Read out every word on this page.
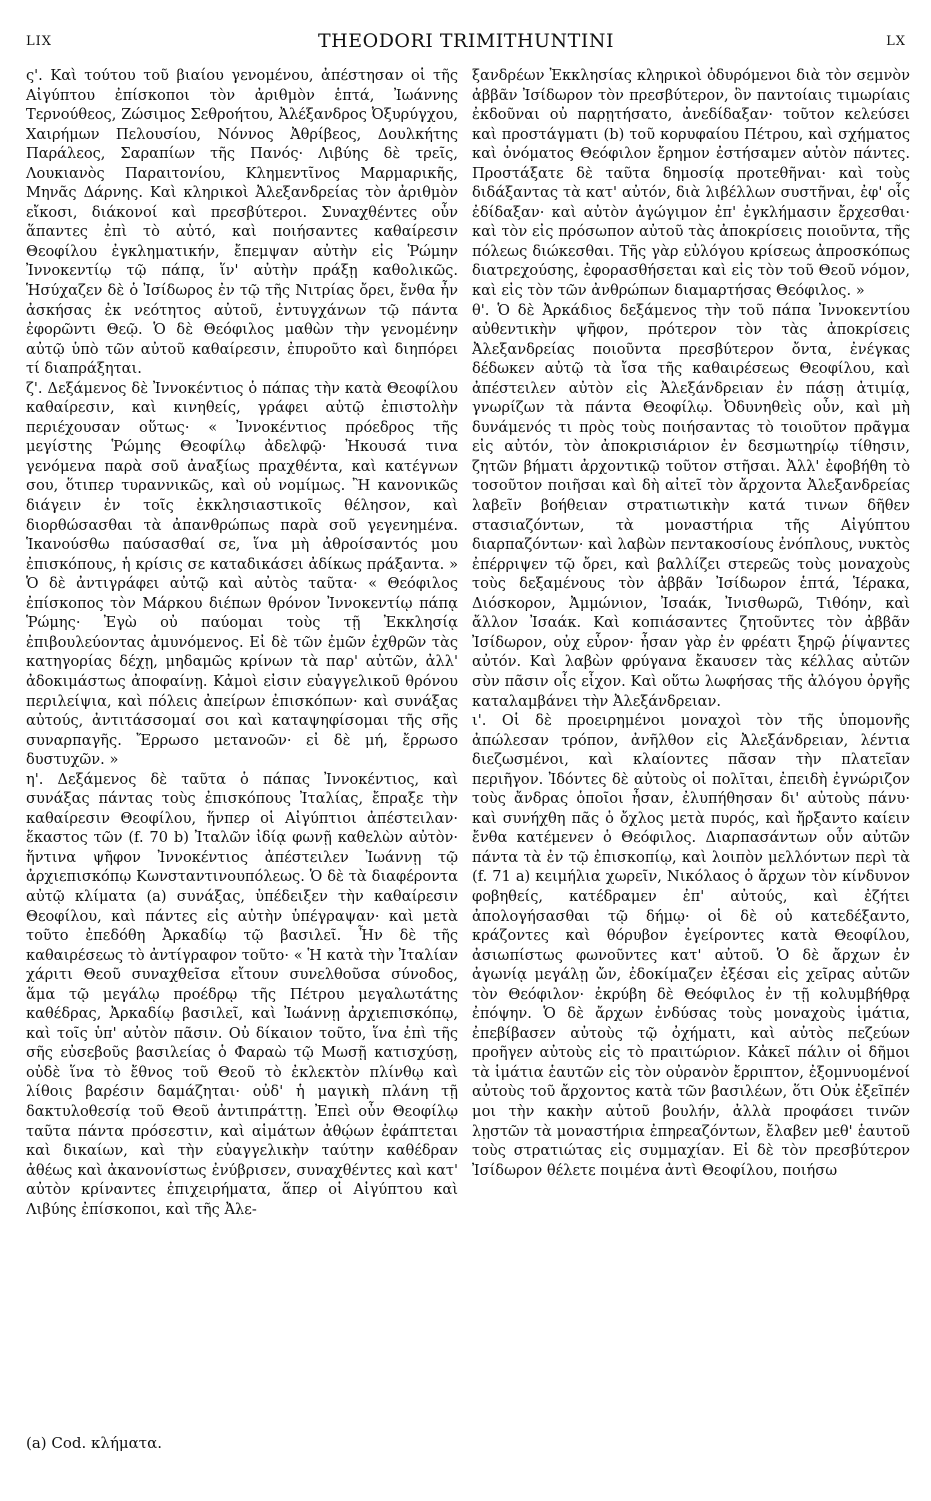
LIX	THEODORI TRIMITHUNTINI	LX

ς'. Καὶ τούτου τοῦ βιαίου γενομένου, ἀπέστησαν οἱ τῆς Αἰγύπτου ἐπίσκοποι τὸν ἀριθμὸν ἑπτά, Ἰωάννης Τερνούθεος, Ζώσιμος Σεθροήτου, Ἀλέξανδρος Ὀξυρύγχου, Χαιρήμων Πελουσίου, Νόννος Ἀθρίβεος, Δουλκήτης Παράλεος, Σαραπίων τῆς Πανός· Λιβύης δὲ τρεῖς, Λουκιανὸς Παραιτονίου, Κλημεντῖνος Μαρμαρικῆς, Μηνᾶς Δάρνης. Καὶ κληρικοὶ Ἀλεξανδρείας τὸν ἀριθμὸν εἴκοσι, διάκονοί καὶ πρεσβύτεροι. Συναχθέντες οὖν ἅπαντες ἐπὶ τὸ αὐτό, καὶ ποιήσαντες καθαίρεσιν Θεοφίλου ἐγκληματικήν, ἔπεμψαν αὐτὴν εἰς Ῥώμην Ἰννοκεντίῳ τῷ πάπᾳ, ἵν' αὐτὴν πράξῃ καθολικῶς. Ἡσύχαζεν δὲ ὁ Ἰσίδωρος ἐν τῷ τῆς Νιτρίας ὄρει, ἔνθα ἦν ἀσκήσας ἐκ νεότητος αὐτοῦ, ἐντυγχάνων τῷ πάντα ἐφορῶντι Θεῷ. Ὁ δὲ Θεόφιλος μαθὼν τὴν γενομένην αὐτῷ ὑπὸ τῶν αὐτοῦ καθαίρεσιν, ἐπυροῦτο καὶ διηπόρει τί διαπράξηται.

ζ'. Δεξάμενος δὲ Ἰννοκέντιος ὁ πάπας τὴν κατὰ Θεοφίλου καθαίρεσιν, καὶ κινηθείς, γράφει αὐτῷ ἐπιστολὴν περιέχουσαν οὕτως· « Ἰννοκέντιος πρόεδρος τῆς μεγίστης Ῥώμης Θεοφίλῳ ἀδελφῷ· Ἠκουσά τινα γενόμενα παρὰ σοῦ ἀναξίως πραχθέντα, καὶ κατέγνων σου, ὅτιπερ τυραννικῶς, καὶ οὐ νομίμως. Ἢ κανονικῶς διάγειν ἐν τοῖς ἐκκλησιαστικοῖς θέλησον, καὶ διορθώσασθαι τὰ ἀπανθρώπως παρὰ σοῦ γεγενημένα. Ἱκανούσθω παύσασθαί σε, ἵνα μὴ ἀθροίσαντός μου ἐπισκόπους, ἡ κρίσις σε καταδικάσει ἀδίκως πράξαντα. » Ὁ δὲ ἀντιγράφει αὐτῷ καὶ αὐτὸς ταῦτα· « Θεόφιλος ἐπίσκοπος τὸν Μάρκου διέπων θρόνον Ἰννοκεντίῳ πάπᾳ Ῥώμης· Ἐγὼ οὐ παύομαι τοὺς τῇ Ἐκκλησίᾳ ἐπιβουλεύοντας ἀμυνόμενος. Εἰ δὲ τῶν ἐμῶν ἐχθρῶν τὰς κατηγορίας δέχῃ, μηδαμῶς κρίνων τὰ παρ' αὐτῶν, ἀλλ' ἀδοκιμάστως ἀποφαίνῃ. Κἀμοὶ εἰσιν εὐαγγελικοῦ θρόνου περιλείψια, καὶ πόλεις ἀπείρων ἐπισκόπων· καὶ συνάξας αὐτούς, ἀντιτάσσομαί σοι καὶ καταψηφίσομαι τῆς σῆς συναρπαγῆς. Ἔρρωσο μετανοῶν· εἰ δὲ μή, ἔρρωσο δυστυχῶν. »

η'. Δεξάμενος δὲ ταῦτα ὁ πάπας Ἰννοκέντιος, καὶ συνάξας πάντας τοὺς ἐπισκόπους Ἰταλίας, ἔπραξε τὴν καθαίρεσιν Θεοφίλου, ἥνπερ οἱ Αἰγύπτιοι ἀπέστειλαν· ἕκαστος τῶν (f. 70 b) Ἰταλῶν ἰδίᾳ φωνῇ καθελὼν αὐτὸν· ἥντινα ψῆφον Ἰννοκέντιος ἀπέστειλεν Ἰωάννῃ τῷ ἀρχιεπισκόπῳ Κωνσταντινουπόλεως. Ὁ δὲ τὰ διαφέροντα αὐτῷ κλίματα (a) συνάξας, ὑπέδειξεν τὴν καθαίρεσιν Θεοφίλου, καὶ πάντες εἰς αὐτὴν ὑπέγραψαν· καὶ μετὰ τοῦτο ἐπεδόθη Ἀρκαδίῳ τῷ βασιλεῖ. Ἦν δὲ τῆς καθαιρέσεως τὸ ἀντίγραφον τοῦτο· « Ἡ κατὰ τὴν Ἰταλίαν χάριτι Θεοῦ συναχθεῖσα εἴτουν συνελθοῦσα σύνοδος, ἅμα τῷ μεγάλῳ προέδρῳ τῆς Πέτρου μεγαλωτάτης καθέδρας, Ἀρκαδίῳ βασιλεῖ, καὶ Ἰωάννῃ ἀρχιεπισκόπῳ, καὶ τοῖς ὑπ' αὐτὸν πᾶσιν. Οὐ δίκαιον τοῦτο, ἵνα ἐπὶ τῆς σῆς εὐσεβοῦς βασιλείας ὁ Φαραὼ τῷ Μωσῇ κατισχύσῃ, οὐδὲ ἵνα τὸ ἔθνος τοῦ Θεοῦ τὸ ἐκλεκτὸν πλίνθῳ καὶ λίθοις βαρέσιν δαμάζηται· οὐδ' ἡ μαγικὴ πλάνη τῇ δακτυλοθεσίᾳ τοῦ Θεοῦ ἀντιπράττῃ. Ἐπεὶ οὖν Θεοφίλῳ ταῦτα πάντα πρόσεστιν, καὶ αἱμάτων ἀθῴων ἐφάπτεται καὶ δικαίων, καὶ τὴν εὐαγγελικὴν ταύτην καθέδραν ἀθέως καὶ ἀκανονίστως ἐνύβρισεν, συναχθέντες καὶ κατ' αὐτὸν κρίναντες ἐπιχειρήματα, ἅπερ οἱ Αἰγύπτου καὶ Λιβύης ἐπίσκοποι, καὶ τῆς Ἀλε-

ξανδρέων Ἐκκλησίας κληρικοὶ ὀδυρόμενοι διὰ τὸν σεμνὸν ἀββᾶν Ἰσίδωρον τὸν πρεσβύτερον, ὃν παντοίαις τιμωρίαις ἐκδοῦναι οὐ παρῃτήσατο, ἀνεδίδαξαν· τοῦτον κελεύσει καὶ προστάγματι (b) τοῦ κορυφαίου Πέτρου, καὶ σχήματος καὶ ὀνόματος Θεόφιλον ἔρημον ἐστήσαμεν αὐτὸν πάντες. Προστάξατε δὲ ταῦτα δημοσίᾳ προτεθῆναι· καὶ τοὺς διδάξαντας τὰ κατ' αὐτόν, διὰ λιβέλλων συστῆναι, ἐφ' οἷς ἐδίδαξαν· καὶ αὐτὸν ἀγώγιμον ἐπ' ἐγκλήμασιν ἔρχεσθαι· καὶ τὸν εἰς πρόσωπον αὐτοῦ τὰς ἀποκρίσεις ποιοῦντα, τῆς πόλεως διώκεσθαι. Τῆς γὰρ εὐλόγου κρίσεως ἀπροσκόπως διατρεχούσης, ἐφορασθήσεται καὶ εἰς τὸν τοῦ Θεοῦ νόμον, καὶ εἰς τὸν τῶν ἀνθρώπων διαμαρτήσας Θεόφιλος. »

θ'. Ὁ δὲ Ἀρκάδιος δεξάμενος τὴν τοῦ πάπα Ἰννοκεντίου αὐθεντικὴν ψῆφον, πρότερον τὸν τὰς ἀποκρίσεις Ἀλεξανδρείας ποιοῦντα πρεσβύτερον ὄντα, ἐνέγκας δέδωκεν αὐτῷ τὰ ἴσα τῆς καθαιρέσεως Θεοφίλου, καὶ ἀπέστειλεν αὐτὸν εἰς Ἀλεξάνδρειαν ἐν πάσῃ ἀτιμίᾳ, γνωρίζων τὰ πάντα Θεοφίλῳ. Ὀδυνηθεὶς οὖν, καὶ μὴ δυνάμενός τι πρὸς τοὺς ποιήσαντας τὸ τοιοῦτον πρᾶγμα εἰς αὐτόν, τὸν ἀποκρισιάριον ἐν δεσμωτηρίῳ τίθησιν, ζητῶν βήματι ἀρχοντικῷ τοῦτον στῆσαι. Ἀλλ' ἐφοβήθη τὸ τοσοῦτον ποιῆσαι καὶ δὴ αἰτεῖ τὸν ἄρχοντα Ἀλεξανδρείας λαβεῖν βοήθειαν στρατιωτικὴν κατά τινων δῆθεν στασιαζόντων, τὰ μοναστήρια τῆς Αἰγύπτου διαρπαζόντων· καὶ λαβὼν πεντακοσίους ἐνόπλους, νυκτὸς ἐπέρριψεν τῷ ὄρει, καὶ βαλλίζει στερεῶς τοὺς μοναχοὺς τοὺς δεξαμένους τὸν ἀββᾶν Ἰσίδωρον ἑπτά, Ἱέρακα, Διόσκορον, Ἀμμώνιον, Ἰσαάκ, Ἰνισθωρῶ, Τιθόην, καὶ ἄλλον Ἰσαάκ. Καὶ κοπιάσαντες ζητοῦντες τὸν ἀββᾶν Ἰσίδωρον, οὐχ εὗρον· ἦσαν γὰρ ἐν φρέατι ξηρῷ ῥίψαντες αὐτόν. Καὶ λαβὼν φρύγανα ἔκαυσεν τὰς κέλλας αὐτῶν σὺν πᾶσιν οἷς εἶχον. Καὶ οὕτω λωφήσας τῆς ἀλόγου ὀργῆς καταλαμβάνει τὴν Ἀλεξάνδρειαν.

ι'. Οἱ δὲ προειρημένοι μοναχοὶ τὸν τῆς ὑπομονῆς ἀπώλεσαν τρόπον, ἀνῆλθον εἰς Ἀλεξάνδρειαν, λέντια διεζωσμένοι, καὶ κλαίοντες πᾶσαν τὴν πλατεῖαν περιῆγον. Ἰδόντες δὲ αὐτοὺς οἱ πολῖται, ἐπειδὴ ἐγνώριζον τοὺς ἄνδρας ὁποῖοι ἦσαν, ἐλυπήθησαν δι' αὐτοὺς πάνυ· καὶ συνήχθη πᾶς ὁ ὄχλος μετὰ πυρός, καὶ ἤρξαντο καίειν ἔνθα κατέμενεν ὁ Θεόφιλος. Διαρπασάντων οὖν αὐτῶν πάντα τὰ ἐν τῷ ἐπισκοπίῳ, καὶ λοιπὸν μελλόντων περὶ τὰ (f. 71 a) κειμήλια χωρεῖν, Νικόλαος ὁ ἄρχων τὸν κίνδυνον φοβηθείς, κατέδραμεν ἐπ' αὐτούς, καὶ ἐζήτει ἀπολογήσασθαι τῷ δήμῳ· οἱ δὲ οὐ κατεδέξαντο, κράζοντες καὶ θόρυβον ἐγείροντες κατὰ Θεοφίλου, ἀσιωπίστως φωνοῦντες κατ' αὐτοῦ. Ὁ δὲ ἄρχων ἐν ἀγωνίᾳ μεγάλῃ ὤν, ἐδοκίμαζεν ἐξέσαι εἰς χεῖρας αὐτῶν τὸν Θεόφιλον· ἐκρύβη δὲ Θεόφιλος ἐν τῇ κολυμβήθρᾳ ἐπόψην. Ὁ δὲ ἄρχων ἐνδύσας τοὺς μοναχοὺς ἱμάτια, ἐπεβίβασεν αὐτοὺς τῷ ὀχήματι, καὶ αὐτὸς πεζεύων προῆγεν αὐτοὺς εἰς τὸ πραιτώριον. Κἀκεῖ πάλιν οἱ δῆμοι τὰ ἱμάτια ἑαυτῶν εἰς τὸν οὐρανὸν ἔρριπτον, ἐξομνυομένοί αὐτοὺς τοῦ ἄρχοντος κατὰ τῶν βασιλέων, ὅτι Οὐκ ἐξεῖπέν μοι τὴν κακὴν αὐτοῦ βουλήν, ἀλλὰ προφάσει τινῶν λῃστῶν τὰ μοναστήρια ἐπηρεαζόντων, ἔλαβεν μεθ' ἑαυτοῦ τοὺς στρατιώτας εἰς συμμαχίαν. Εἰ δὲ τὸν πρεσβύτερον Ἰσίδωρον θέλετε ποιμένα ἀντὶ Θεοφίλου, ποιήσω

(a) Cod. κλήματα.
